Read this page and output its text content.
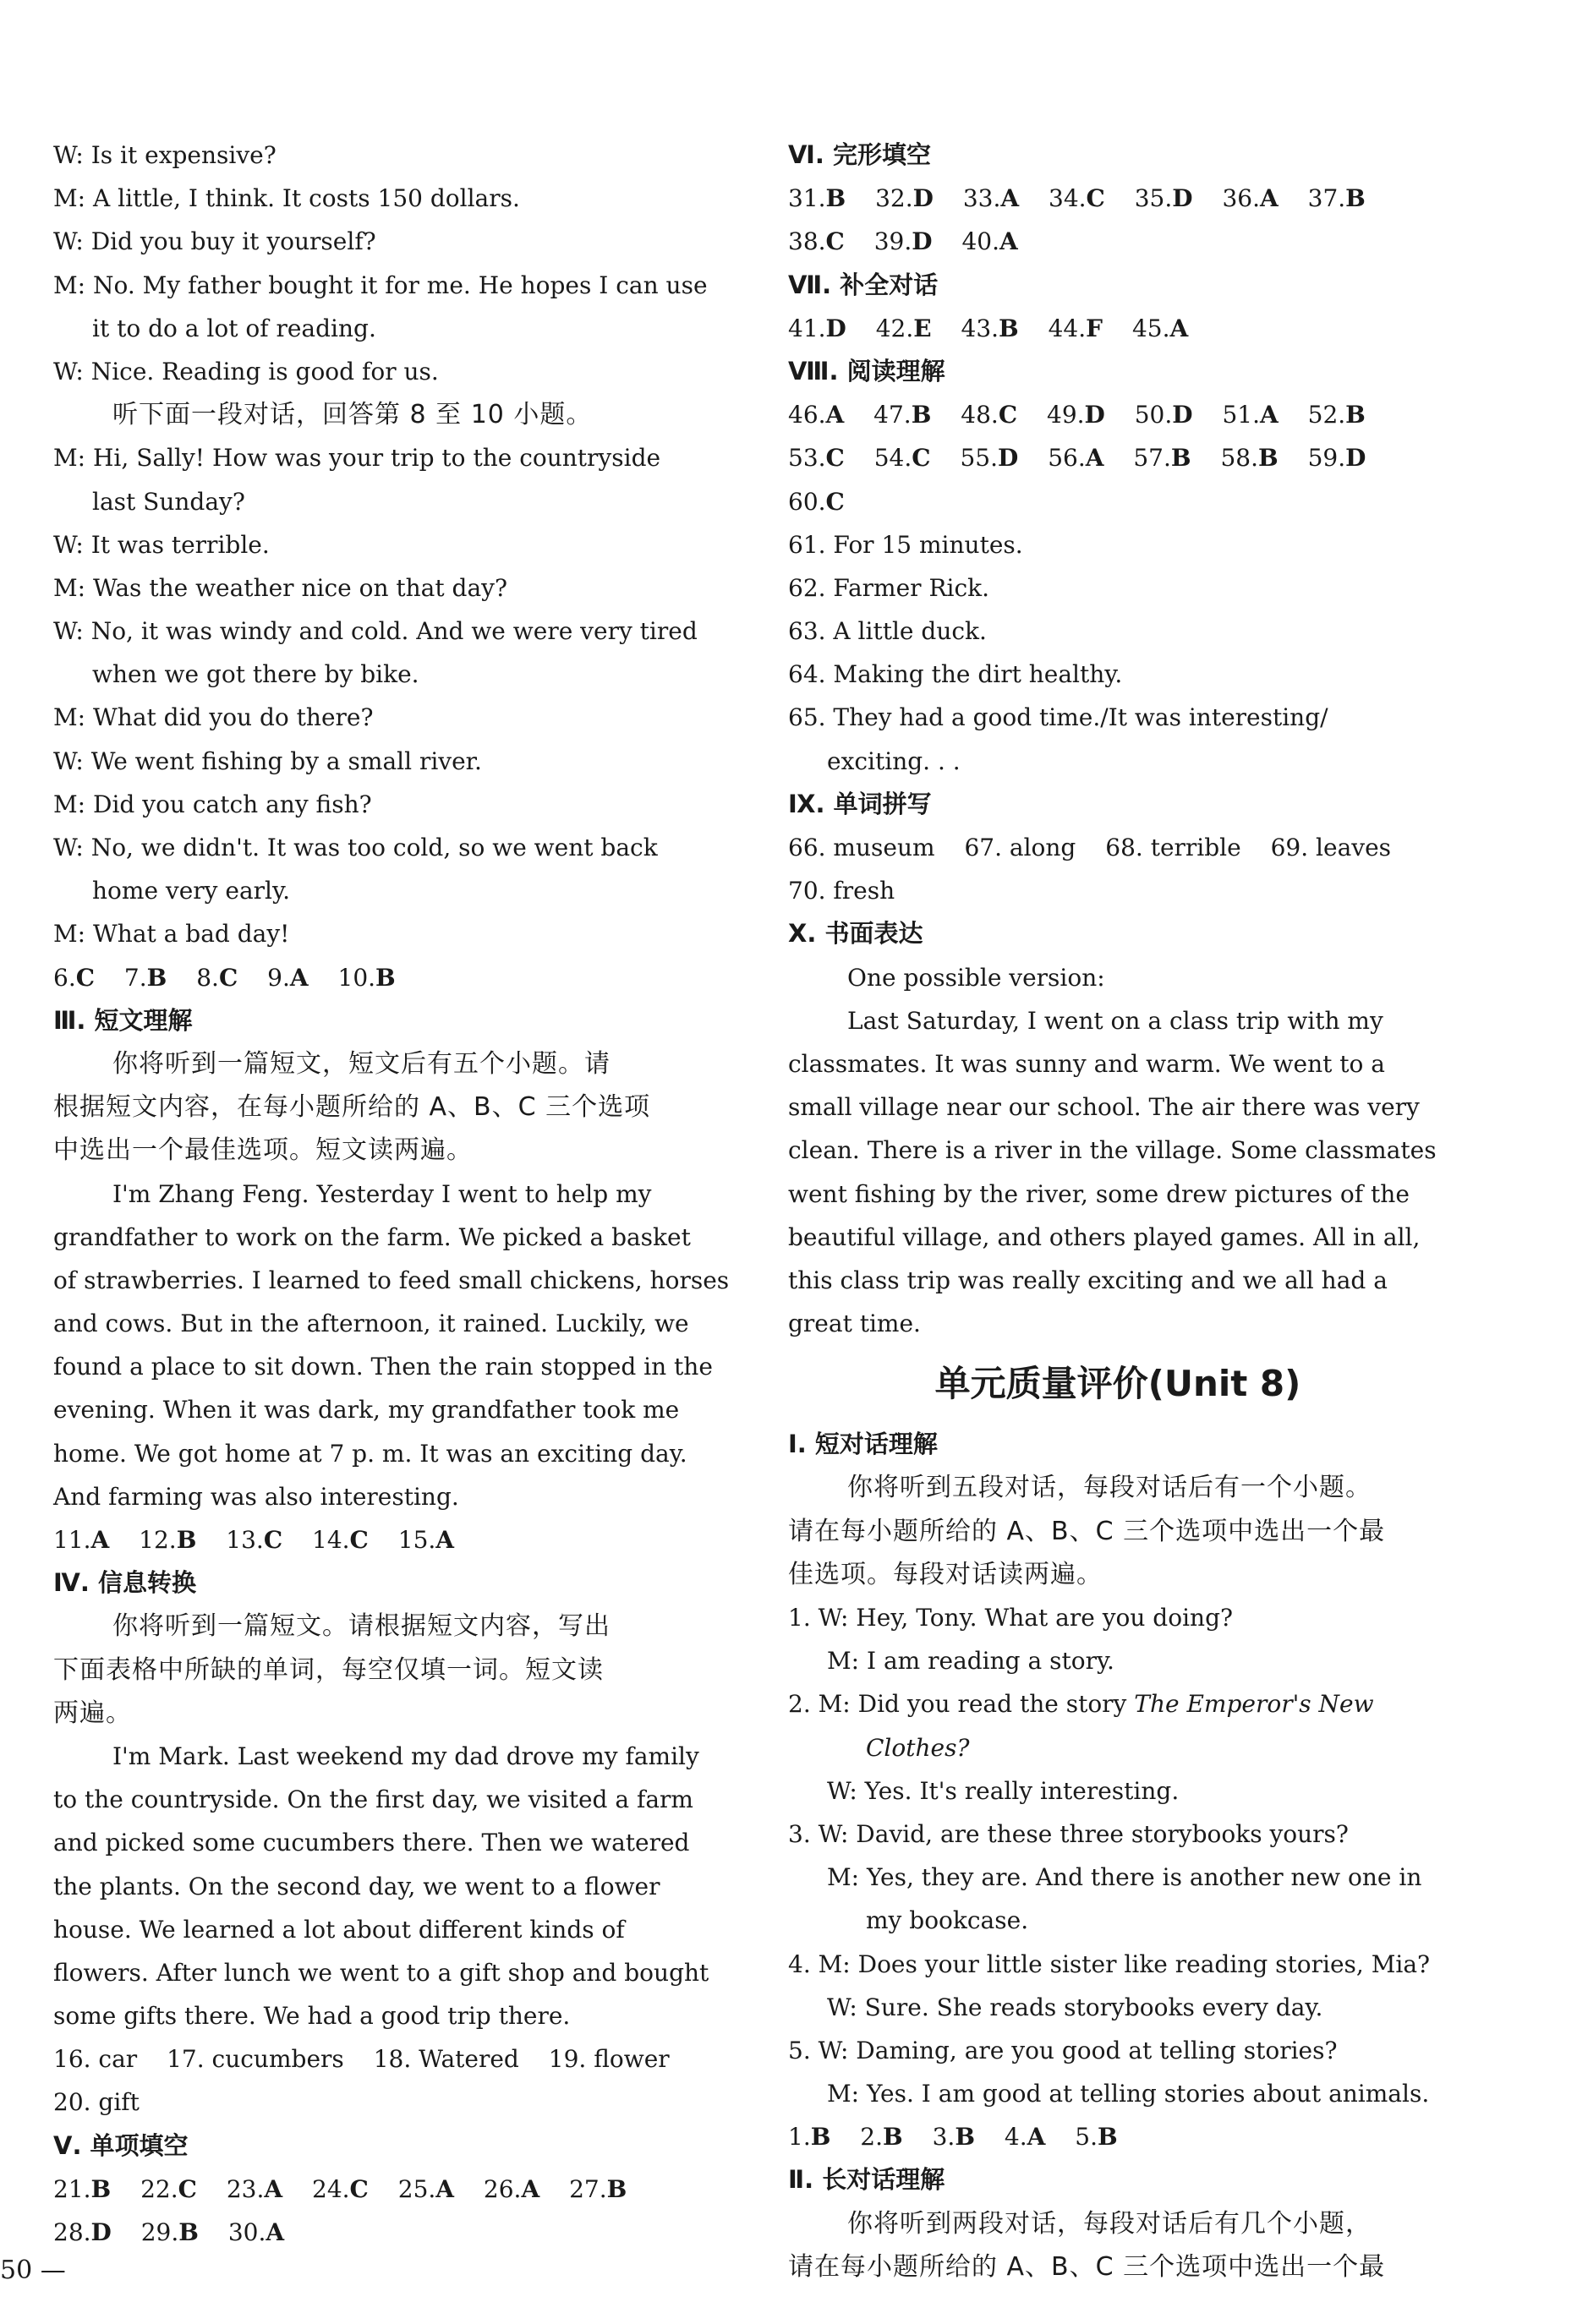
W: Is it expensive?
M: A little, I think. It costs 150 dollars.
W: Did you buy it yourself?
M: No. My father bought it for me. He hopes I can use
it to do a lot of reading.
W: Nice. Reading is good for us.
听下面一段对话，回答第 8 至 10 小题。
M: Hi, Sally! How was your trip to the countryside
last Sunday?
W: It was terrible.
M: Was the weather nice on that day?
W: No, it was windy and cold. And we were very tired
when we got there by bike.
M: What did you do there?
W: We went fishing by a small river.
M: Did you catch any fish?
W: No, we didn't. It was too cold, so we went back
home very early.
M: What a bad day!
6.C 7.B 8.C 9.A 10.B
Ⅲ. 短文理解
你将听到一篇短文，短文后有五个小题。请
根据短文内容，在每小题所给的 A、B、C 三个选项
中选出一个最佳选项。短文读两遍。
I'm Zhang Feng. Yesterday I went to help my
grandfather to work on the farm. We picked a basket
of strawberries. I learned to feed small chickens, horses
and cows. But in the afternoon, it rained. Luckily, we
found a place to sit down. Then the rain stopped in the
evening. When it was dark, my grandfather took me
home. We got home at 7 p. m. It was an exciting day.
And farming was also interesting.
11.A 12.B 13.C 14.C 15.A
Ⅳ. 信息转换
你将听到一篇短文。请根据短文内容，写出
下面表格中所缺的单词，每空仅填一词。短文读
两遍。
I'm Mark. Last weekend my dad drove my family
to the countryside. On the first day, we visited a farm
and picked some cucumbers there. Then we watered
the plants. On the second day, we went to a flower
house. We learned a lot about different kinds of
flowers. After lunch we went to a gift shop and bought
some gifts there. We had a good trip there.
16. car 17. cucumbers 18. Watered 19. flower
20. gift
Ⅴ. 单项填空
21.B 22.C 23.A 24.C 25.A 26.A 27.B
28.D 29.B 30.A
Ⅵ. 完形填空
31.B 32.D 33.A 34.C 35.D 36.A 37.B
38.C 39.D 40.A
Ⅶ. 补全对话
41.D 42.E 43.B 44.F 45.A
Ⅷ. 阅读理解
46.A 47.B 48.C 49.D 50.D 51.A 52.B
53.C 54.C 55.D 56.A 57.B 58.B 59.D
60.C
61. For 15 minutes.
62. Farmer Rick.
63. A little duck.
64. Making the dirt healthy.
65. They had a good time./It was interesting/
exciting. . .
Ⅸ. 单词拼写
66. museum 67. along 68. terrible 69. leaves
70. fresh
Ⅹ. 书面表达
One possible version:
Last Saturday, I went on a class trip with my
classmates. It was sunny and warm. We went to a
small village near our school. The air there was very
clean. There is a river in the village. Some classmates
went fishing by the river, some drew pictures of the
beautiful village, and others played games. All in all,
this class trip was really exciting and we all had a
great time.
单元质量评价(Unit 8)
Ⅰ. 短对话理解
你将听到五段对话，每段对话后有一个小题。
请在每小题所给的 A、B、C 三个选项中选出一个最
佳选项。每段对话读两遍。
1. W: Hey, Tony. What are you doing?
M: I am reading a story.
2. M: Did you read the story The Emperor's New
Clothes?
W: Yes. It's really interesting.
3. W: David, are these three storybooks yours?
M: Yes, they are. And there is another new one in
my bookcase.
4. M: Does your little sister like reading stories, Mia?
W: Sure. She reads storybooks every day.
5. W: Daming, are you good at telling stories?
M: Yes. I am good at telling stories about animals.
1.B 2.B 3.B 4.A 5.B
Ⅱ. 长对话理解
你将听到两段对话，每段对话后有几个小题，
请在每小题所给的 A、B、C 三个选项中选出一个最
50 —
